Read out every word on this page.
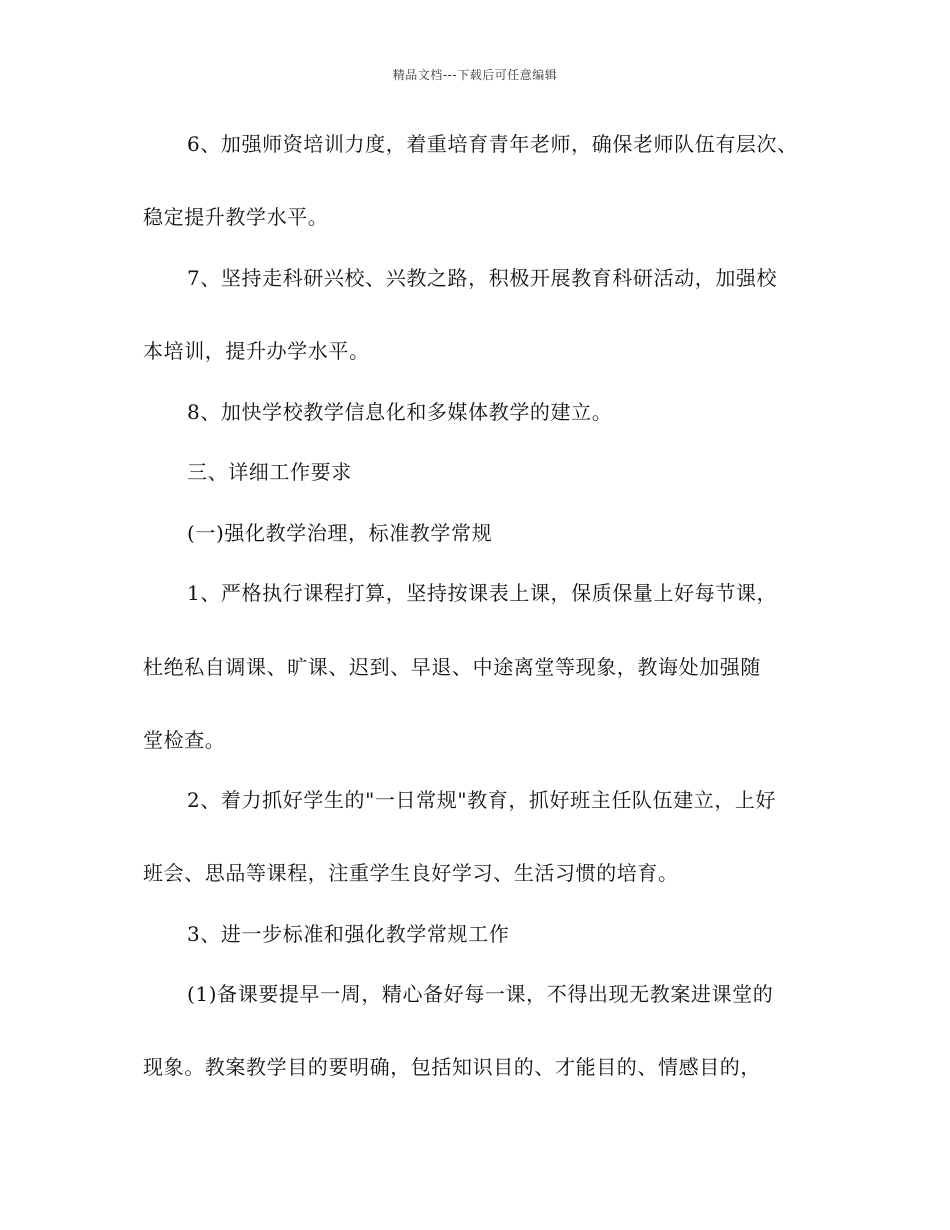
精品文档---下载后可任意编辑
6、加强师资培训力度，着重培育青年老师，确保老师队伍有层次、
稳定提升教学水平。
7、坚持走科研兴校、兴教之路，积极开展教育科研活动，加强校
本培训，提升办学水平。
8、加快学校教学信息化和多媒体教学的建立。
三、详细工作要求
(一)强化教学治理，标准教学常规
1、严格执行课程打算，坚持按课表上课，保质保量上好每节课，
杜绝私自调课、旷课、迟到、早退、中途离堂等现象，教诲处加强随
堂检查。
2、着力抓好学生的"一日常规"教育，抓好班主任队伍建立，上好
班会、思品等课程，注重学生良好学习、生活习惯的培育。
3、进一步标准和强化教学常规工作
(1)备课要提早一周，精心备好每一课，不得出现无教案进课堂的
现象。教案教学目的要明确，包括知识目的、才能目的、情感目的，
